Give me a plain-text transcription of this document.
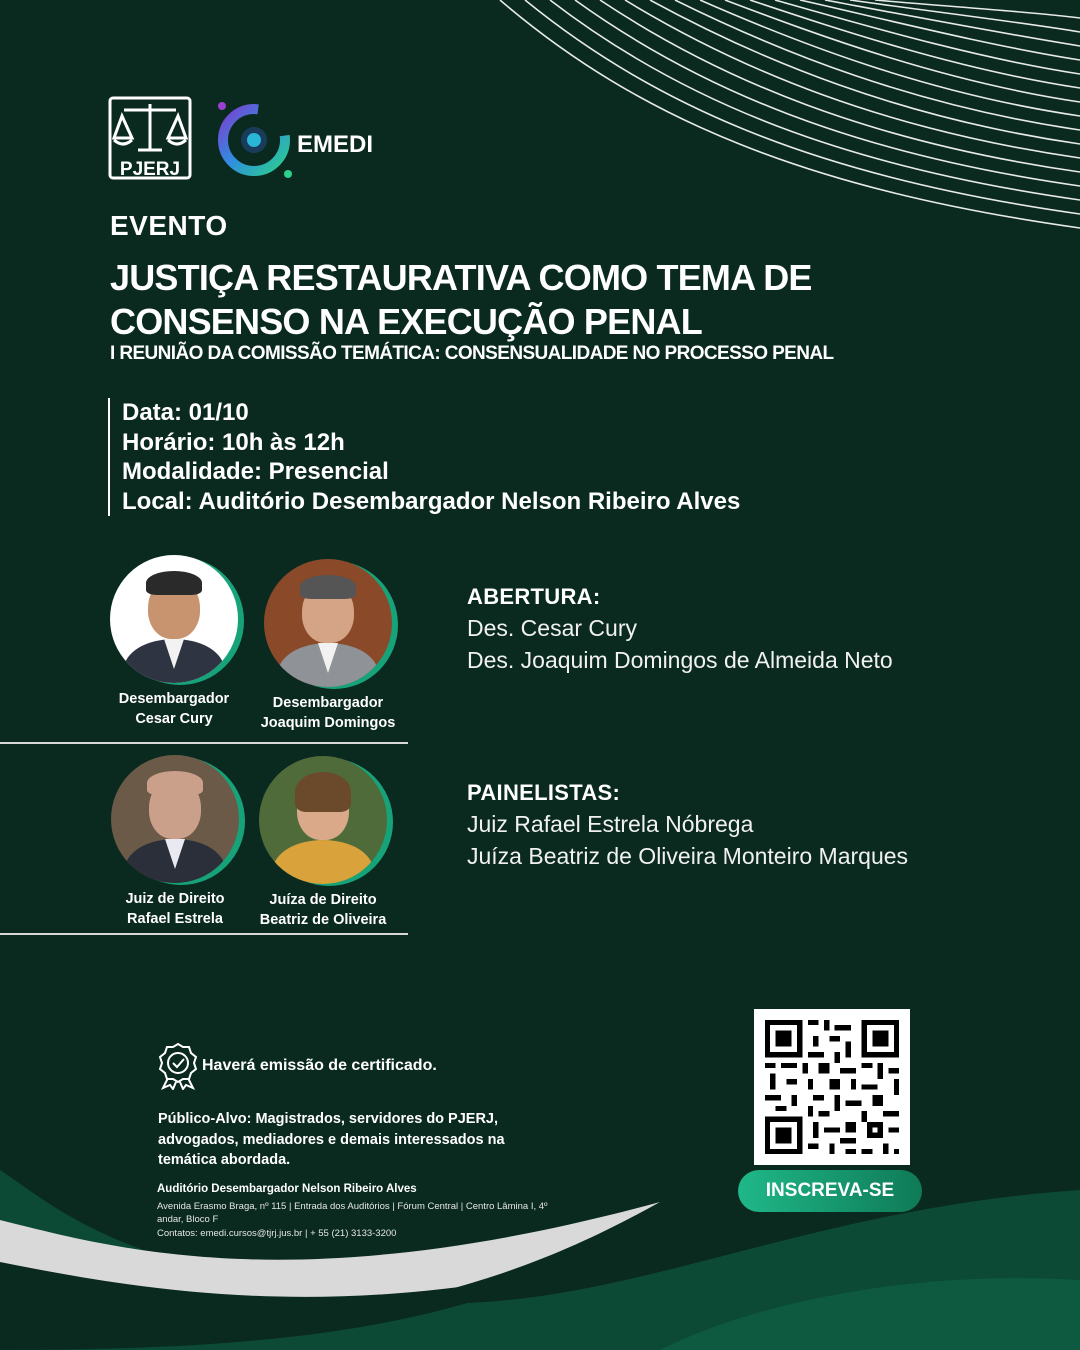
PJERJ
EMEDI
EVENTO
JUSTIÇA RESTAURATIVA COMO TEMA DE
CONSENSO NA EXECUÇÃO PENAL
I REUNIÃO DA COMISSÃO TEMÁTICA: CONSENSUALIDADE NO PROCESSO PENAL
Data: 01/10
Horário: 10h às 12h
Modalidade: Presencial
Local: Auditório Desembargador Nelson Ribeiro Alves
Desembargador
Cesar Cury
Desembargador
Joaquim Domingos
Juiz de Direito
Rafael Estrela
Juíza de Direito
Beatriz de Oliveira
ABERTURA:
Des. Cesar Cury
Des. Joaquim Domingos de Almeida Neto
PAINELISTAS:
Juiz Rafael Estrela Nóbrega
Juíza Beatriz de Oliveira Monteiro Marques
Haverá emissão de certificado.
Público-Alvo: Magistrados, servidores do PJERJ, advogados, mediadores e demais interessados na temática abordada.
Auditório Desembargador Nelson Ribeiro Alves
Avenida Erasmo Braga, nº 115 | Entrada dos Auditórios | Fórum Central | Centro Lâmina I, 4º andar, Bloco F
Contatos: emedi.cursos@tjrj.jus.br | + 55 (21) 3133-3200
INSCREVA-SE
